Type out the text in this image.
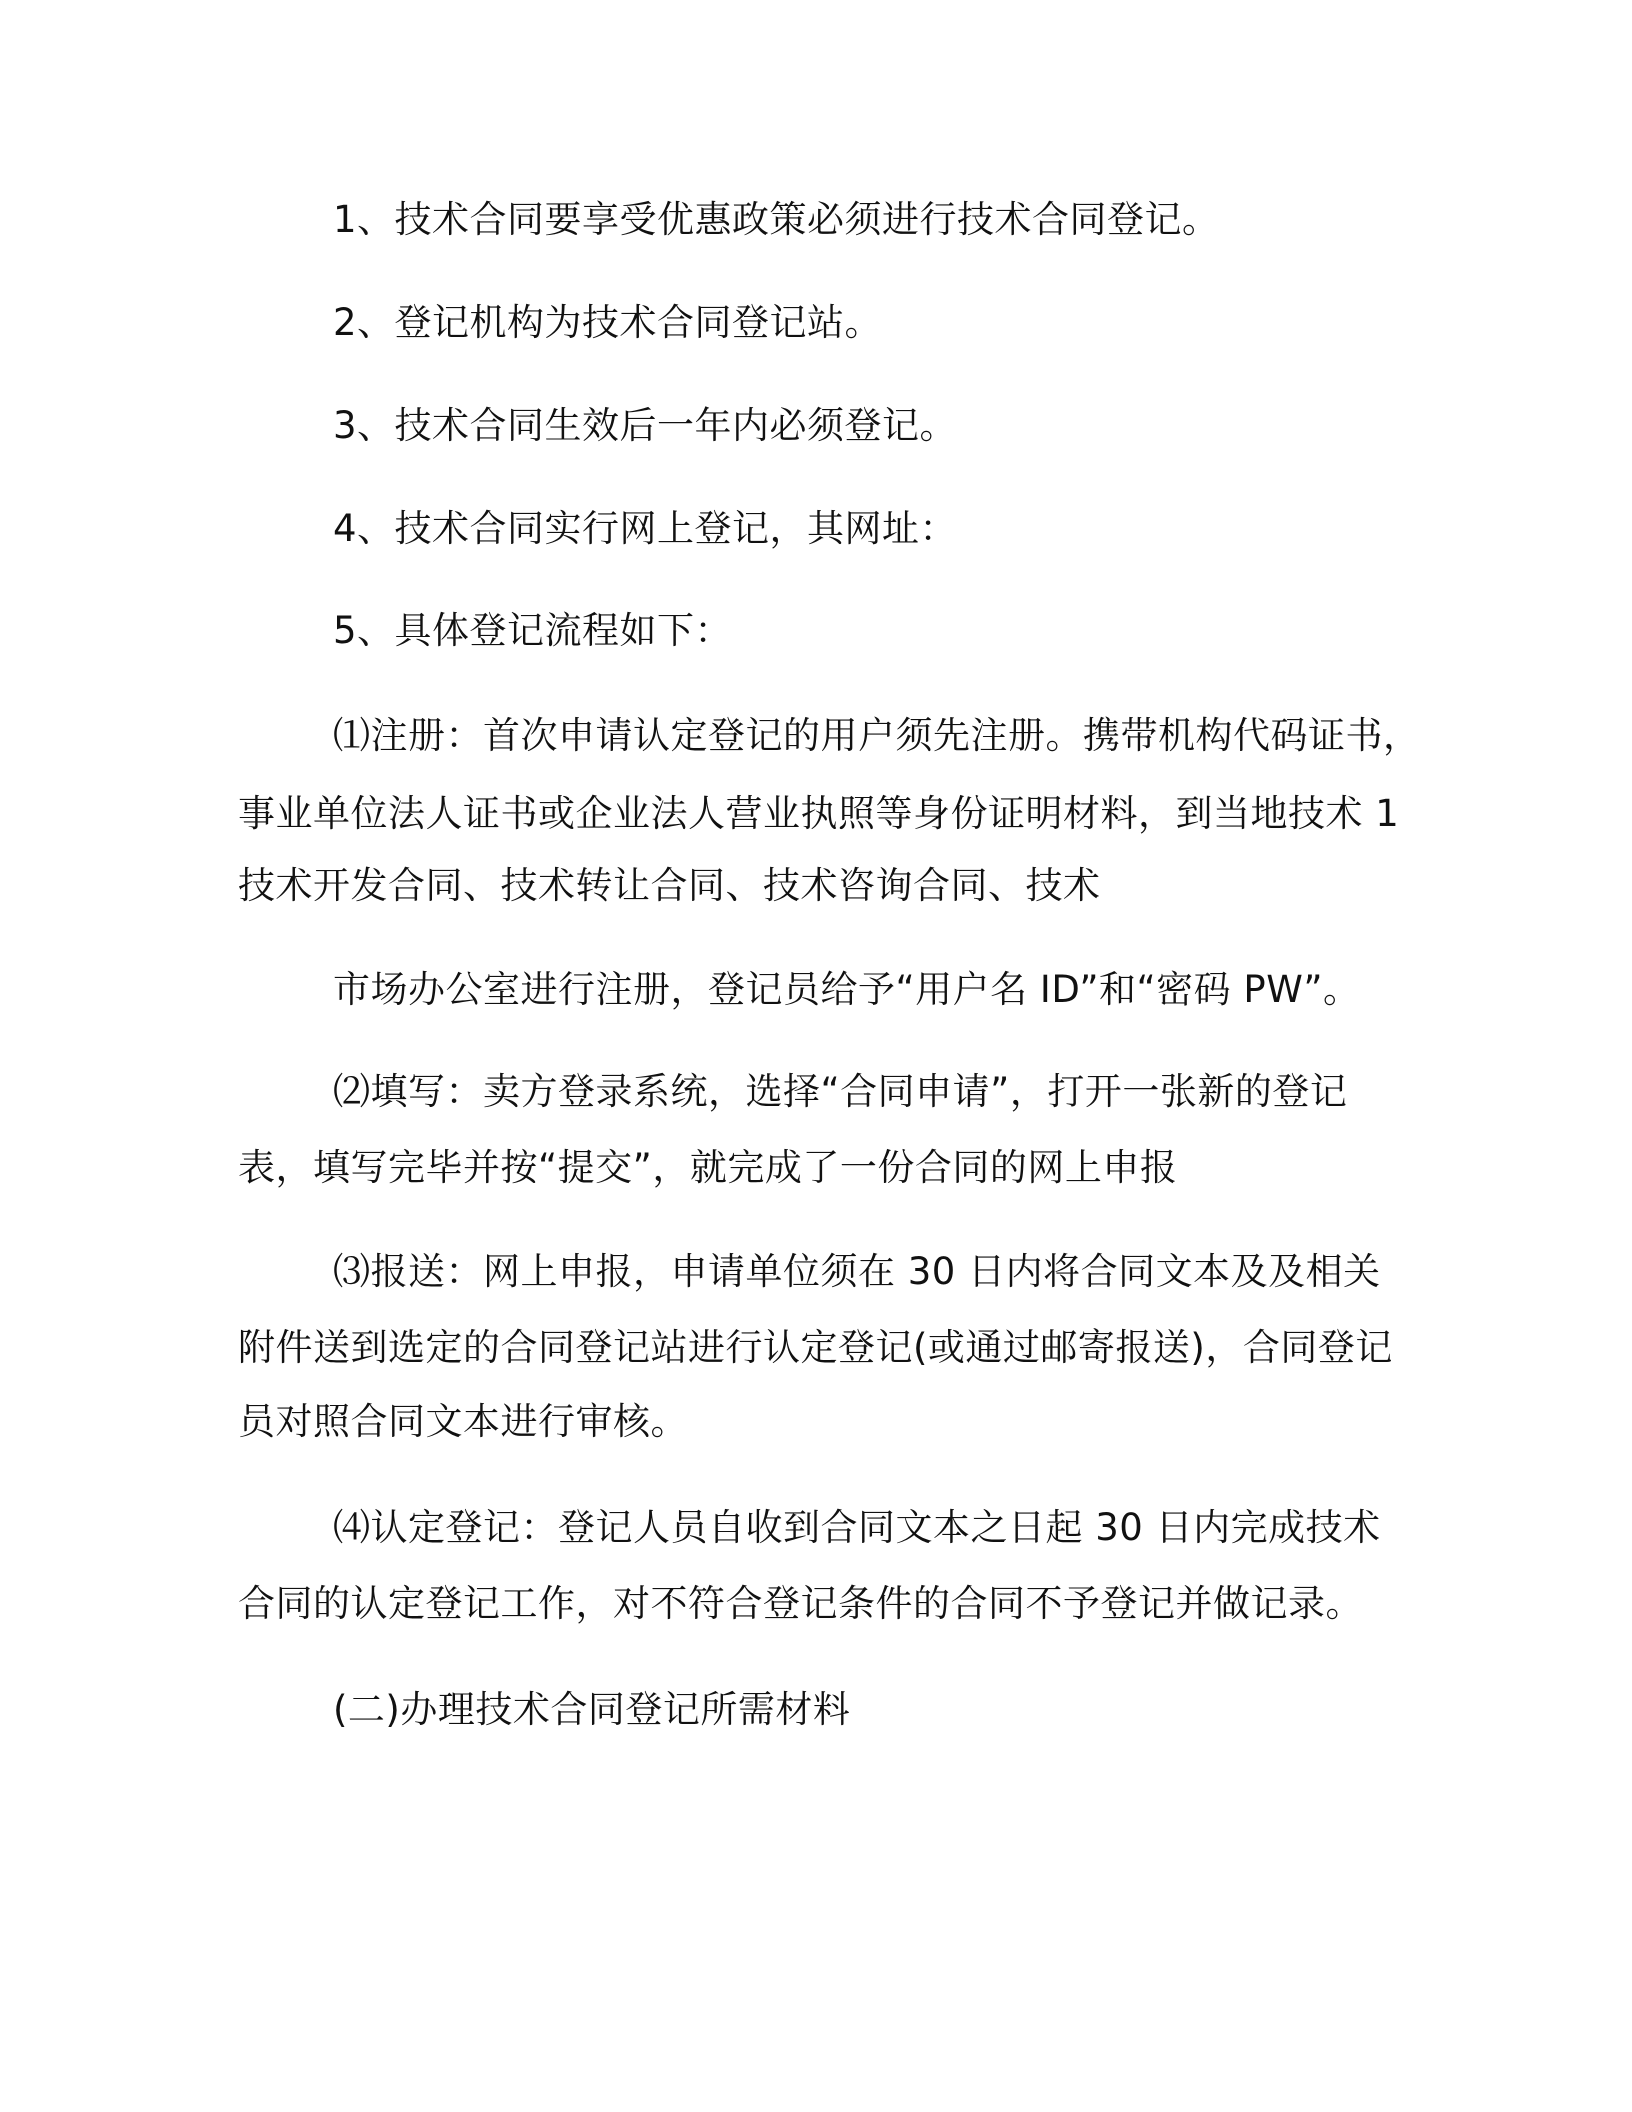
1、技术合同要享受优惠政策必须进行技术合同登记。
2、登记机构为技术合同登记站。
3、技术合同生效后一年内必须登记。
4、技术合同实行网上登记，其网址：
5、具体登记流程如下：
⑴注册：首次申请认定登记的用户须先注册。携带机构代码证书，
事业单位法人证书或企业法人营业执照等身份证明材料，到当地技术 1
技术开发合同、技术转让合同、技术咨询合同、技术
市场办公室进行注册，登记员给予“用户名 ID”和“密码 PW”。
⑵填写：卖方登录系统，选择“合同申请”，打开一张新的登记
表，填写完毕并按“提交”，就完成了一份合同的网上申报
⑶报送：网上申报，申请单位须在 30 日内将合同文本及及相关
附件送到选定的合同登记站进行认定登记(或通过邮寄报送)，合同登记
员对照合同文本进行审核。
⑷认定登记：登记人员自收到合同文本之日起 30 日内完成技术
合同的认定登记工作，对不符合登记条件的合同不予登记并做记录。
(二)办理技术合同登记所需材料
